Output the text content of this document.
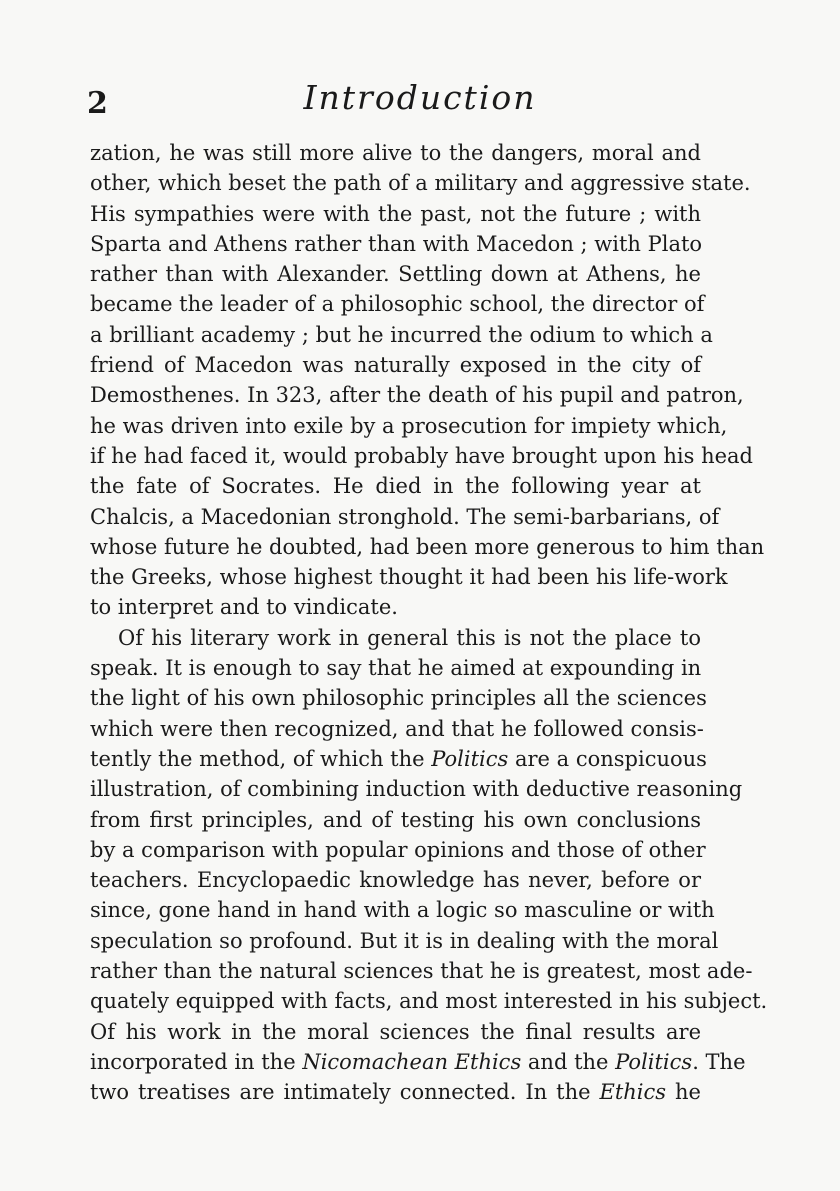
2	Introduction
zation, he was still more alive to the dangers, moral and
other, which beset the path of a military and aggressive state.
His sympathies were with the past, not the future ; with
Sparta and Athens rather than with Macedon ; with Plato
rather than with Alexander. Settling down at Athens, he
became the leader of a philosophic school, the director of
a brilliant academy ; but he incurred the odium to which a
friend of Macedon was naturally exposed in the city of
Demosthenes. In 323, after the death of his pupil and patron,
he was driven into exile by a prosecution for impiety which,
if he had faced it, would probably have brought upon his head
the fate of Socrates. He died in the following year at
Chalcis, a Macedonian stronghold. The semi-barbarians, of
whose future he doubted, had been more generous to him than
the Greeks, whose highest thought it had been his life-work
to interpret and to vindicate.
Of his literary work in general this is not the place to
speak. It is enough to say that he aimed at expounding in
the light of his own philosophic principles all the sciences
which were then recognized, and that he followed consis-
tently the method, of which the Politics are a conspicuous
illustration, of combining induction with deductive reasoning
from first principles, and of testing his own conclusions
by a comparison with popular opinions and those of other
teachers. Encyclopaedic knowledge has never, before or
since, gone hand in hand with a logic so masculine or with
speculation so profound. But it is in dealing with the moral
rather than the natural sciences that he is greatest, most ade-
quately equipped with facts, and most interested in his subject.
Of his work in the moral sciences the final results are
incorporated in the Nicomachean Ethics and the Politics. The
two treatises are intimately connected. In the Ethics he
